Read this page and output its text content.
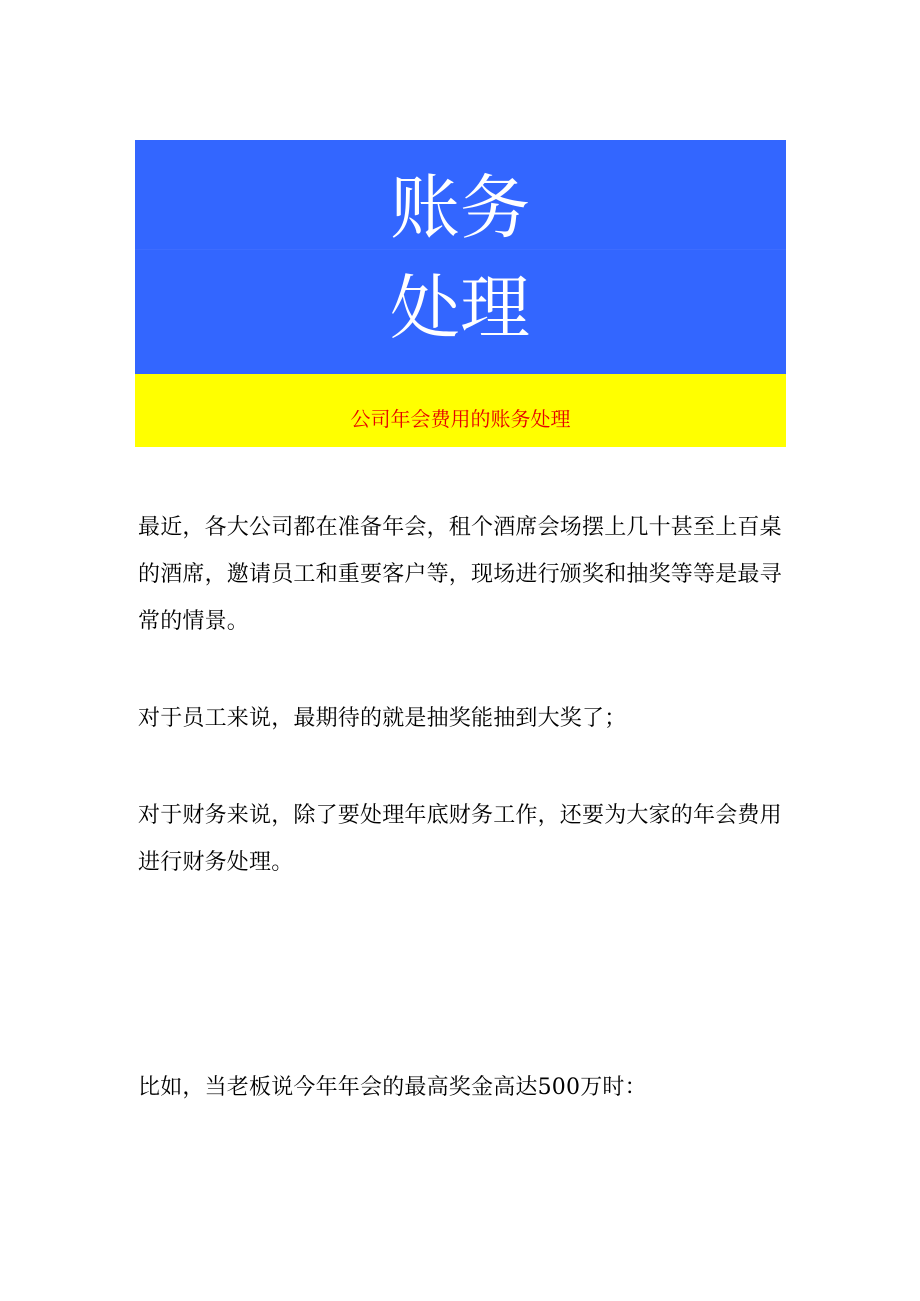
账务
处理
公司年会费用的账务处理

最近，各大公司都在准备年会，租个酒席会场摆上几十甚至上百桌的酒席，邀请员工和重要客户等，现场进行颁奖和抽奖等等是最寻常的情景。

对于员工来说，最期待的就是抽奖能抽到大奖了；

对于财务来说，除了要处理年底财务工作，还要为大家的年会费用进行财务处理。

比如，当老板说今年年会的最高奖金高达500万时：
